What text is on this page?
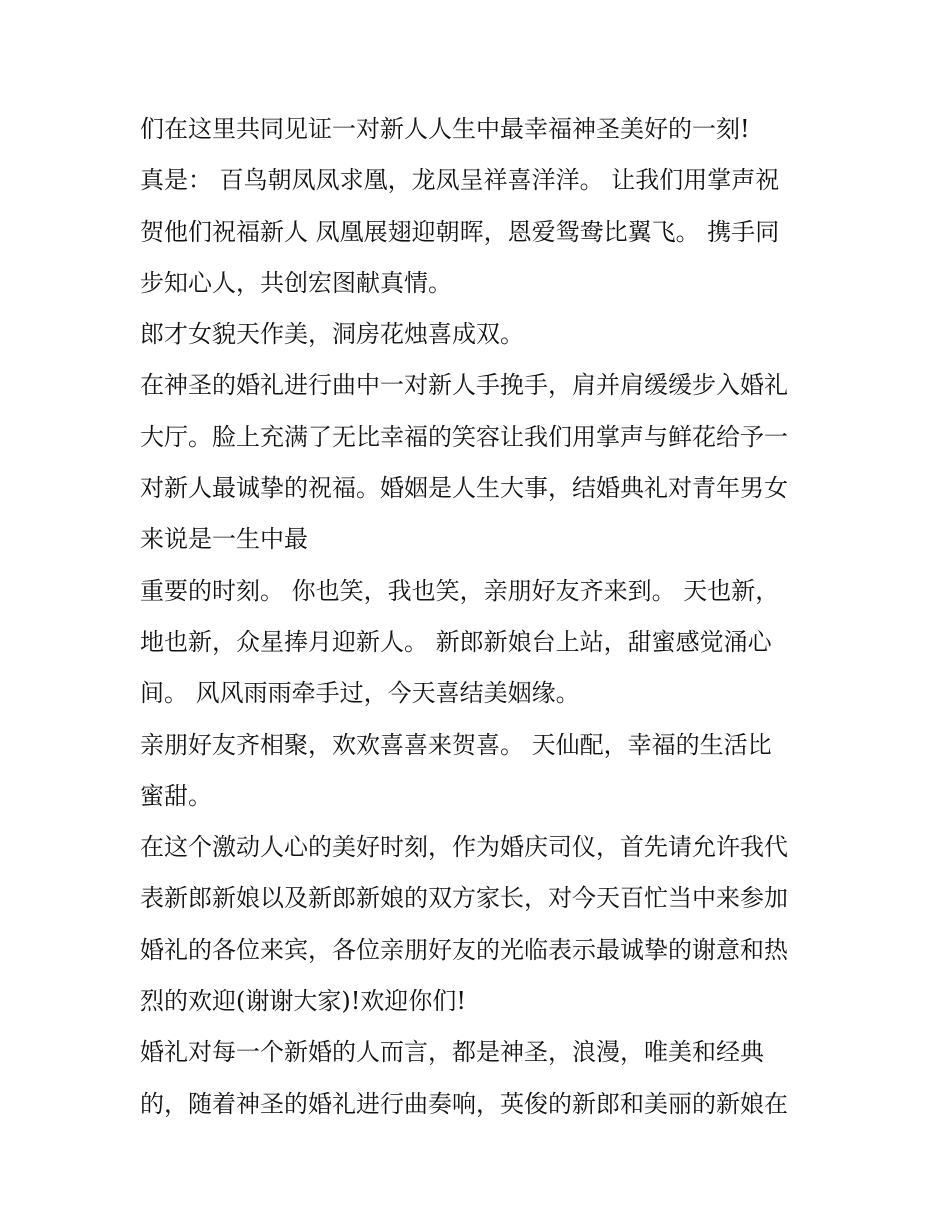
们在这里共同见证一对新人人生中最幸福神圣美好的一刻!
真是： 百鸟朝凤凤求凰，龙凤呈祥喜洋洋。 让我们用掌声祝
贺他们祝福新人 凤凰展翅迎朝晖，恩爱鸳鸯比翼飞。 携手同
步知心人，共创宏图献真情。
郎才女貌天作美，洞房花烛喜成双。
在神圣的婚礼进行曲中一对新人手挽手，肩并肩缓缓步入婚礼
大厅。脸上充满了无比幸福的笑容让我们用掌声与鲜花给予一
对新人最诚挚的祝福。婚姻是人生大事，结婚典礼对青年男女
来说是一生中最
重要的时刻。 你也笑，我也笑，亲朋好友齐来到。 天也新，
地也新，众星捧月迎新人。 新郎新娘台上站，甜蜜感觉涌心
间。 风风雨雨牵手过，今天喜结美姻缘。
亲朋好友齐相聚，欢欢喜喜来贺喜。 天仙配，幸福的生活比
蜜甜。
在这个激动人心的美好时刻，作为婚庆司仪，首先请允许我代
表新郎新娘以及新郎新娘的双方家长，对今天百忙当中来参加
婚礼的各位来宾，各位亲朋好友的光临表示最诚挚的谢意和热
烈的欢迎(谢谢大家)!欢迎你们!
婚礼对每一个新婚的人而言，都是神圣，浪漫，唯美和经典
的，随着神圣的婚礼进行曲奏响，英俊的新郎和美丽的新娘在
